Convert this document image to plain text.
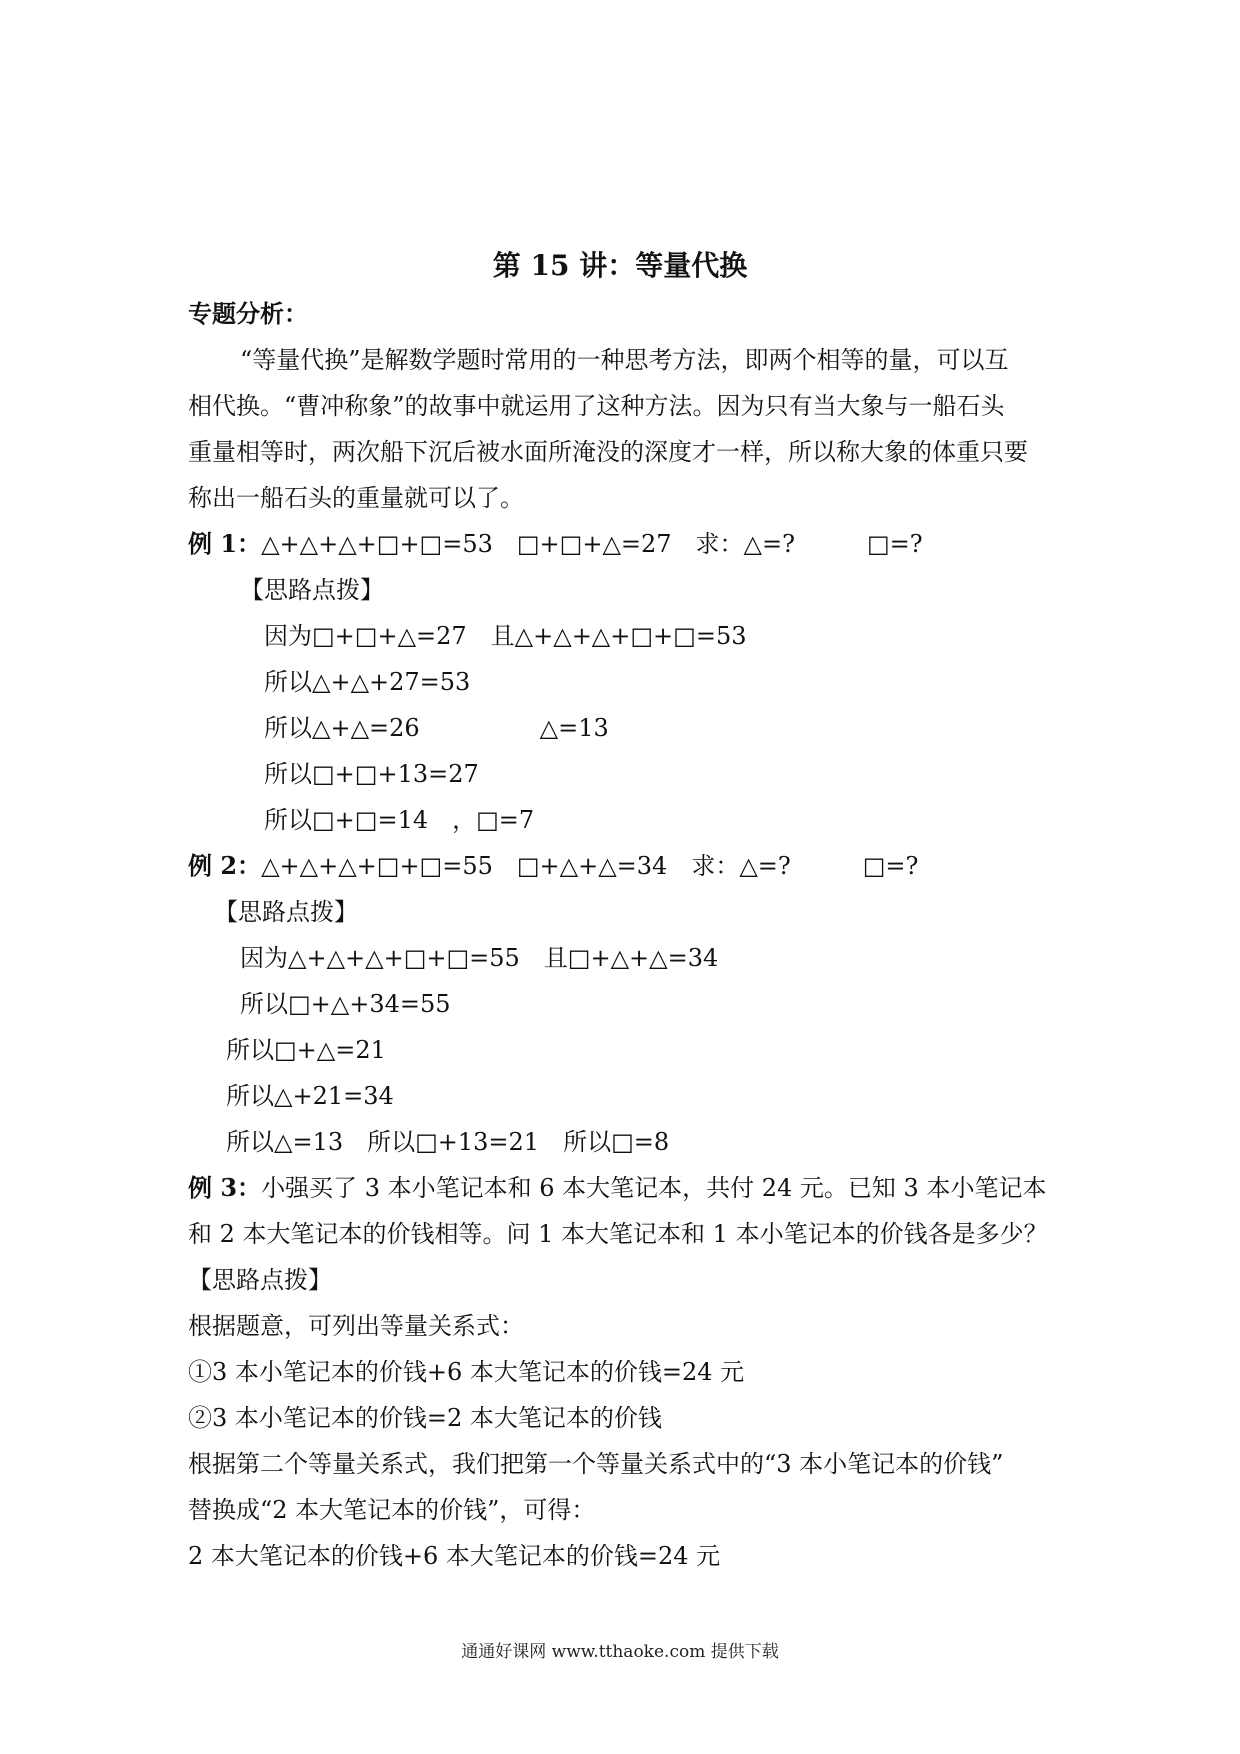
第 15 讲：等量代换
专题分析：
“等量代换”是解数学题时常用的一种思考方法，即两个相等的量，可以互
相代换。“曹冲称象”的故事中就运用了这种方法。因为只有当大象与一船石头
重量相等时，两次船下沉后被水面所淹没的深度才一样，所以称大象的体重只要
称出一船石头的重量就可以了。
例 1：△+△+△+□+□=53　□+□+△=27　求：△=?　　　□=?
【思路点拨】
因为□+□+△=27　且△+△+△+□+□=53
所以△+△+27=53
所以△+△=26　　　　　△=13
所以□+□+13=27
所以□+□=14　，□=7
例 2：△+△+△+□+□=55　□+△+△=34　求：△=?　　　□=?
【思路点拨】
因为△+△+△+□+□=55　且□+△+△=34
所以□+△+34=55
所以□+△=21
所以△+21=34
所以△=13　所以□+13=21　所以□=8
例 3：小强买了 3 本小笔记本和 6 本大笔记本，共付 24 元。已知 3 本小笔记本
和 2 本大笔记本的价钱相等。问 1 本大笔记本和 1 本小笔记本的价钱各是多少？
【思路点拨】
根据题意，可列出等量关系式：
①3 本小笔记本的价钱+6 本大笔记本的价钱=24 元
②3 本小笔记本的价钱=2 本大笔记本的价钱
根据第二个等量关系式，我们把第一个等量关系式中的“3 本小笔记本的价钱”
替换成“2 本大笔记本的价钱”，可得：
2 本大笔记本的价钱+6 本大笔记本的价钱=24 元
通通好课网 www.tthaoke.com 提供下载
